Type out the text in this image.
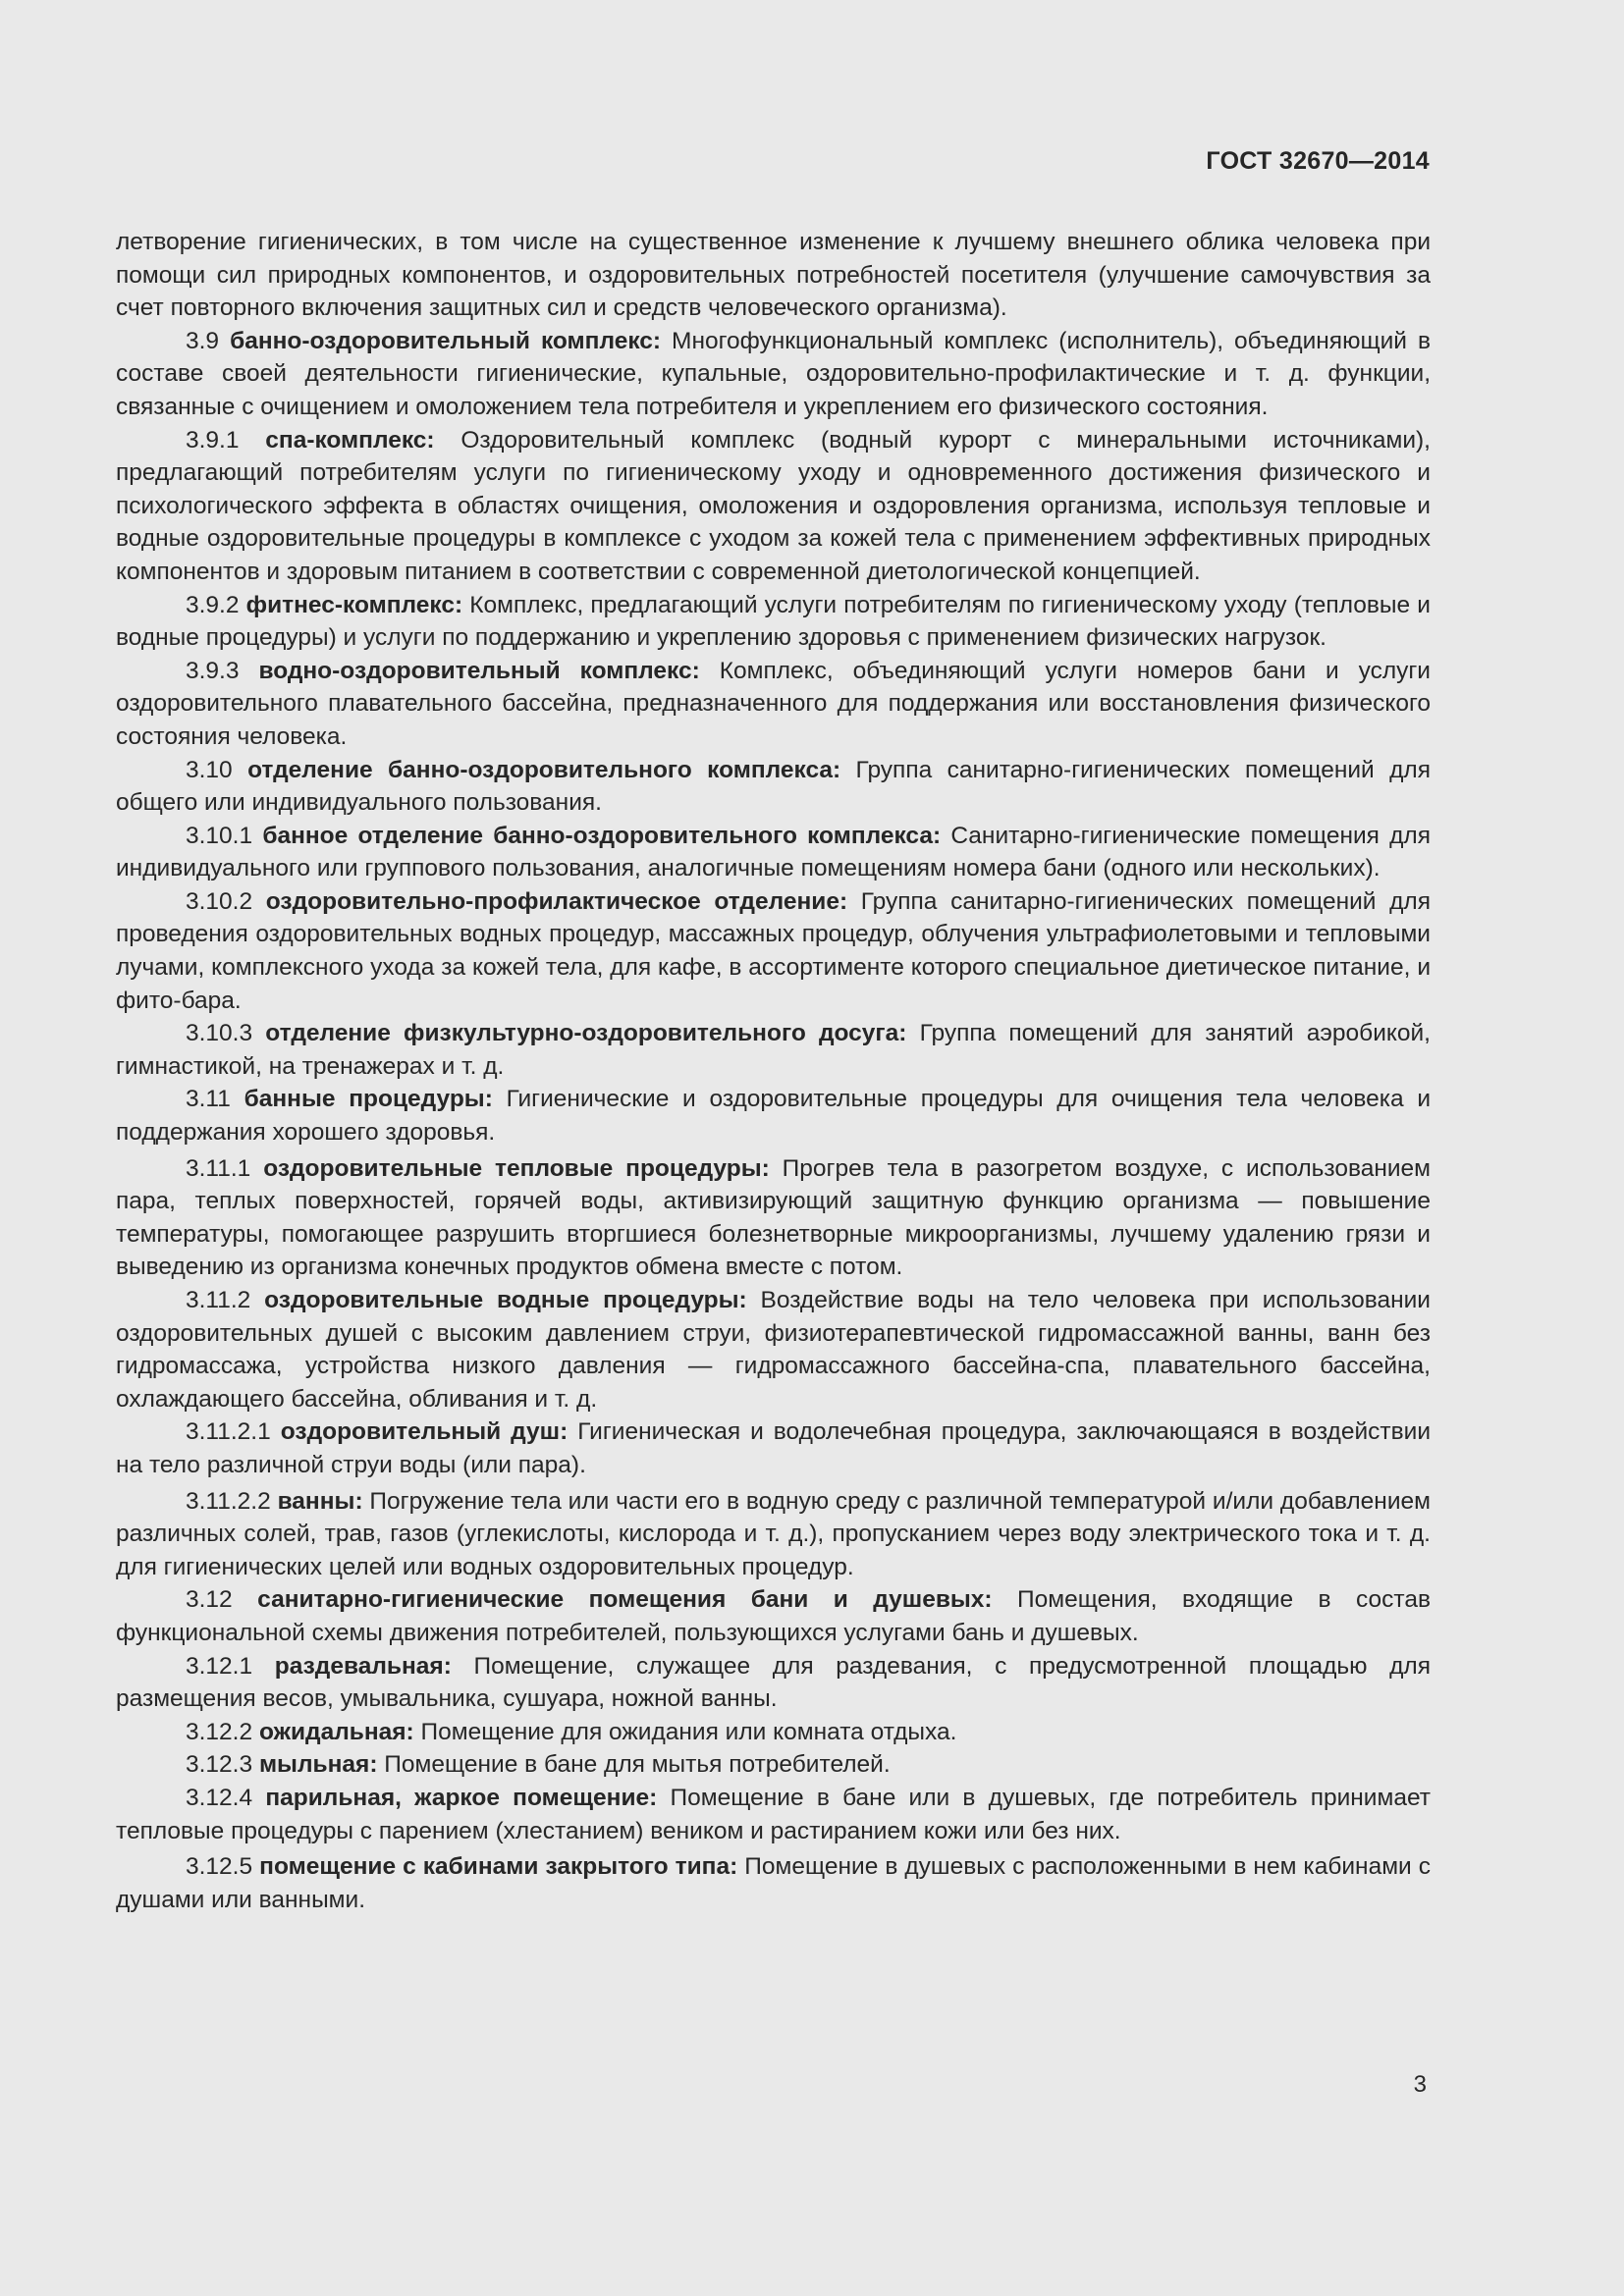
ГОСТ 32670—2014

летворение гигиенических, в том числе на существенное изменение к лучшему внешнего облика человека при помощи сил природных компонентов, и оздоровительных потребностей посетителя (улучшение самочувствия за счет повторного включения защитных сил и средств человеческого организма).

3.9 банно-оздоровительный комплекс: Многофункциональный комплекс (исполнитель), объединяющий в составе своей деятельности гигиенические, купальные, оздоровительно-профилактические и т. д. функции, связанные с очищением и омоложением тела потребителя и укреплением его физического состояния.

3.9.1 спа-комплекс: Оздоровительный комплекс (водный курорт с минеральными источниками), предлагающий потребителям услуги по гигиеническому уходу и одновременного достижения физического и психологического эффекта в областях очищения, омоложения и оздоровления организма, используя тепловые и водные оздоровительные процедуры в комплексе с уходом за кожей тела с применением эффективных природных компонентов и здоровым питанием в соответствии с современной диетологической концепцией.

3.9.2 фитнес-комплекс: Комплекс, предлагающий услуги потребителям по гигиеническому уходу (тепловые и водные процедуры) и услуги по поддержанию и укреплению здоровья с применением физических нагрузок.

3.9.3 водно-оздоровительный комплекс: Комплекс, объединяющий услуги номеров бани и услуги оздоровительного плавательного бассейна, предназначенного для поддержания или восстановления физического состояния человека.

3.10 отделение банно-оздоровительного комплекса: Группа санитарно-гигиенических помещений для общего или индивидуального пользования.

3.10.1 банное отделение банно-оздоровительного комплекса: Санитарно-гигиенические помещения для индивидуального или группового пользования, аналогичные помещениям номера бани (одного или нескольких).

3.10.2 оздоровительно-профилактическое отделение: Группа санитарно-гигиенических помещений для проведения оздоровительных водных процедур, массажных процедур, облучения ультрафиолетовыми и тепловыми лучами, комплексного ухода за кожей тела, для кафе, в ассортименте которого специальное диетическое питание, и фито-бара.

3.10.3 отделение физкультурно-оздоровительного досуга: Группа помещений для занятий аэробикой, гимнастикой, на тренажерах и т. д.

3.11 банные процедуры: Гигиенические и оздоровительные процедуры для очищения тела человека и поддержания хорошего здоровья.

3.11.1 оздоровительные тепловые процедуры: Прогрев тела в разогретом воздухе, с использованием пара, теплых поверхностей, горячей воды, активизирующий защитную функцию организма — повышение температуры, помогающее разрушить вторгшиеся болезнетворные микроорганизмы, лучшему удалению грязи и выведению из организма конечных продуктов обмена вместе с потом.

3.11.2 оздоровительные водные процедуры: Воздействие воды на тело человека при использовании оздоровительных душей с высоким давлением струи, физиотерапевтической гидромассажной ванны, ванн без гидромассажа, устройства низкого давления — гидромассажного бассейна-спа, плавательного бассейна, охлаждающего бассейна, обливания и т. д.

3.11.2.1 оздоровительный душ: Гигиеническая и водолечебная процедура, заключающаяся в воздействии на тело различной струи воды (или пара).

3.11.2.2 ванны: Погружение тела или части его в водную среду с различной температурой и/или добавлением различных солей, трав, газов (углекислоты, кислорода и т. д.), пропусканием через воду электрического тока и т. д. для гигиенических целей или водных оздоровительных процедур.

3.12 санитарно-гигиенические помещения бани и душевых: Помещения, входящие в состав функциональной схемы движения потребителей, пользующихся услугами бань и душевых.

3.12.1 раздевальная: Помещение, служащее для раздевания, с предусмотренной площадью для размещения весов, умывальника, сушуара, ножной ванны.

3.12.2 ожидальная: Помещение для ожидания или комната отдыха.

3.12.3 мыльная: Помещение в бане для мытья потребителей.

3.12.4 парильная, жаркое помещение: Помещение в бане или в душевых, где потребитель принимает тепловые процедуры с парением (хлестанием) веником и растиранием кожи или без них.

3.12.5 помещение с кабинами закрытого типа: Помещение в душевых с расположенными в нем кабинами с душами или ванными.

3
